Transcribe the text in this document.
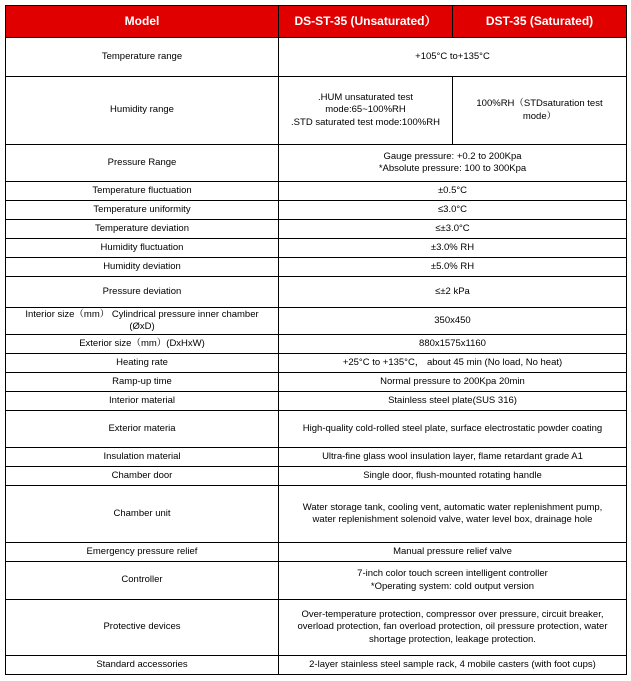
Model	DS-ST-35 (Unsaturated）	DST-35 (Saturated)
Temperature range	+105°C to+135°C	
Humidity range	.HUM unsaturated test
mode:65~100%RH
.STD saturated test mode:100%RH	100%RH（STDsaturation test
mode）
Pressure Range	Gauge pressure: +0.2 to 200Kpa
*Absolute pressure: 100 to 300Kpa	
Temperature fluctuation	±0.5°C	
Temperature uniformity	≤3.0°C	
Temperature deviation	≤±3.0°C	
Humidity fluctuation	±3.0% RH	
Humidity deviation	±5.0% RH	
Pressure deviation	≤±2 kPa	
Interior size（mm） Cylindrical pressure inner chamber
(ØxD)	350x450	
Exterior size（mm）(DxHxW)	880x1575x1160	
Heating rate	+25°C to +135°C， about 45 min (No load, No heat)	
Ramp-up time	Normal pressure to 200Kpa 20min	
Interior material	Stainless steel plate(SUS 316)	
Exterior materia	High-quality cold-rolled steel plate, surface electrostatic powder coating	
Insulation material	Ultra-fine glass wool insulation layer, flame retardant grade A1	
Chamber door	Single door, flush-mounted rotating handle	
Chamber unit	Water storage tank, cooling vent, automatic water replenishment pump,
water replenishment solenoid valve, water level box, drainage hole	
Emergency pressure relief	Manual pressure relief valve	
Controller	7-inch color touch screen intelligent controller
*Operating system: cold output version	
Protective devices	Over-temperature protection, compressor over pressure, circuit breaker,
overload protection, fan overload protection, oil pressure protection, water
shortage protection, leakage protection.	
Standard accessories	2-layer stainless steel sample rack, 4 mobile casters (with foot cups)	
